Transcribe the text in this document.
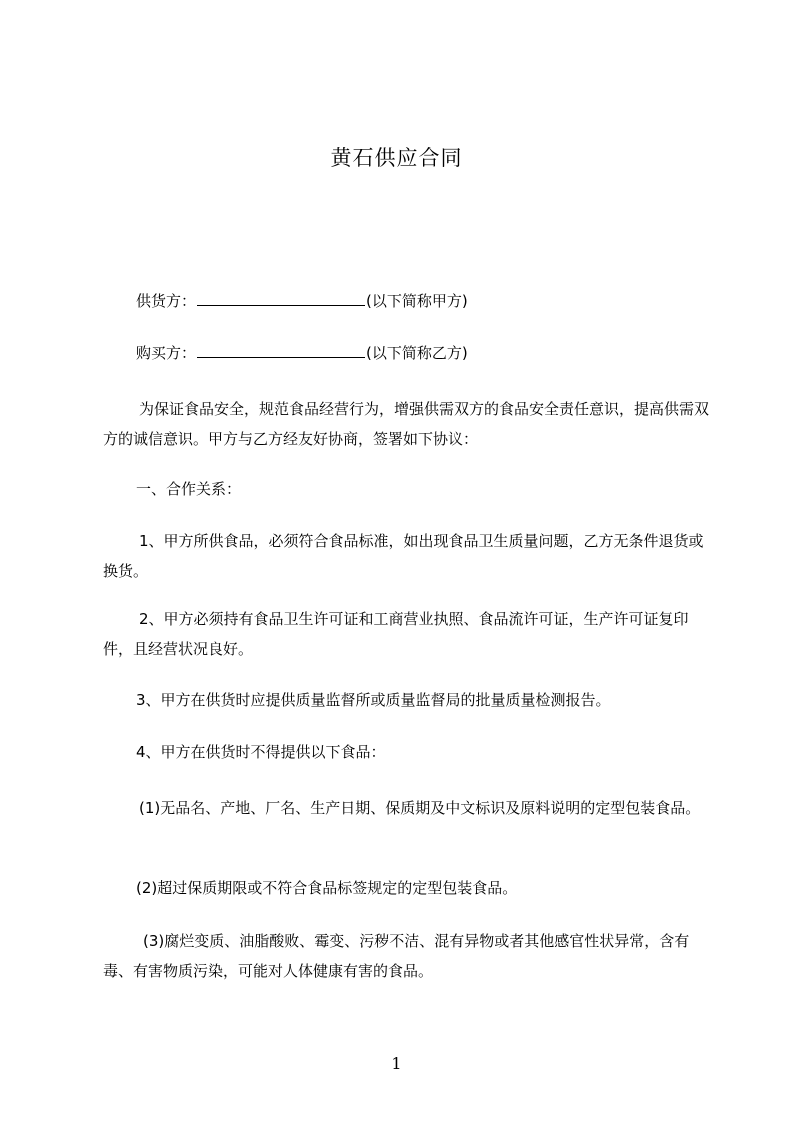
黄石供应合同
供货方：	(以下简称甲方)
购买方：	(以下简称乙方)
为保证食品安全，规范食品经营行为，增强供需双方的食品安全责任意识，提高供需双方的诚信意识。甲方与乙方经友好协商，签署如下协议：
一、合作关系：
1、甲方所供食品，必须符合食品标准，如出现食品卫生质量问题，乙方无条件退货或换货。
2、甲方必须持有食品卫生许可证和工商营业执照、食品流许可证，生产许可证复印件，且经营状况良好。
3、甲方在供货时应提供质量监督所或质量监督局的批量质量检测报告。
4、甲方在供货时不得提供以下食品：
(1)无品名、产地、厂名、生产日期、保质期及中文标识及原料说明的定型包装食品。
(2)超过保质期限或不符合食品标签规定的定型包装食品。
(3)腐烂变质、油脂酸败、霉变、污秽不洁、混有异物或者其他感官性状异常，含有毒、有害物质污染，可能对人体健康有害的食品。
1
